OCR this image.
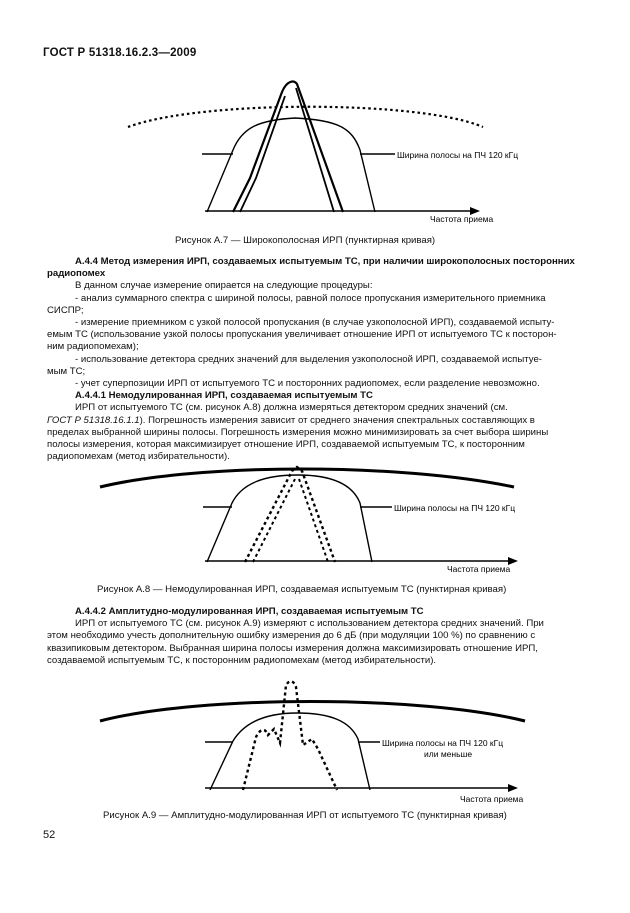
ГОСТ Р 51318.16.2.3—2009
Ширина полосы на ПЧ 120 кГц
Частота приема
Рисунок А.7 — Широкополосная ИРП (пунктирная кривая)
А.4.4 Метод измерения ИРП, создаваемых испытуемым ТС, при наличии широкополосных посторонних
радиопомех
В данном случае измерение опирается на следующие процедуры:
- анализ суммарного спектра с шириной полосы, равной полосе пропускания измерительного приемника
СИСПР;
- измерение приемником с узкой полосой пропускания (в случае узкополосной ИРП), создаваемой испыту-
емым ТС (использование узкой полосы пропускания увеличивает отношение ИРП от испытуемого ТС к посторон-
ним радиопомехам);
- использование детектора средних значений для выделения узкополосной ИРП, создаваемой испытуе-
мым ТС;
- учет суперпозиции ИРП от испытуемого ТС и посторонних радиопомех, если разделение невозможно.
А.4.4.1 Немодулированная ИРП, создаваемая испытуемым ТС
ИРП от испытуемого ТС (см. рисунок А.8) должна измеряться детектором средних значений (см.
ГОСТ Р 51318.16.1.1). Погрешность измерения зависит от среднего значения спектральных составляющих в
пределах выбранной ширины полосы. Погрешность измерения можно минимизировать за счет выбора ширины
полосы измерения, которая максимизирует отношение ИРП, создаваемой испытуемым ТС, к посторонним
радиопомехам (метод избирательности).
Ширина полосы на ПЧ 120 кГц
Частота приема
Рисунок А.8 — Немодулированная ИРП, создаваемая испытуемым ТС (пунктирная кривая)
А.4.4.2 Амплитудно-модулированная ИРП, создаваемая испытуемым ТС
ИРП от испытуемого ТС (см. рисунок А.9) измеряют с использованием детектора средних значений. При
этом необходимо учесть дополнительную ошибку измерения до 6 дБ (при модуляции 100 %) по сравнению с
квазипиковым детектором. Выбранная ширина полосы измерения должна максимизировать отношение ИРП,
создаваемой испытуемым ТС, к посторонним радиопомехам (метод избирательности).
Ширина полосы на ПЧ 120 кГц
или меньше
Частота приема
Рисунок А.9 — Амплитудно-модулированная ИРП от испытуемого ТС (пунктирная кривая)
52
